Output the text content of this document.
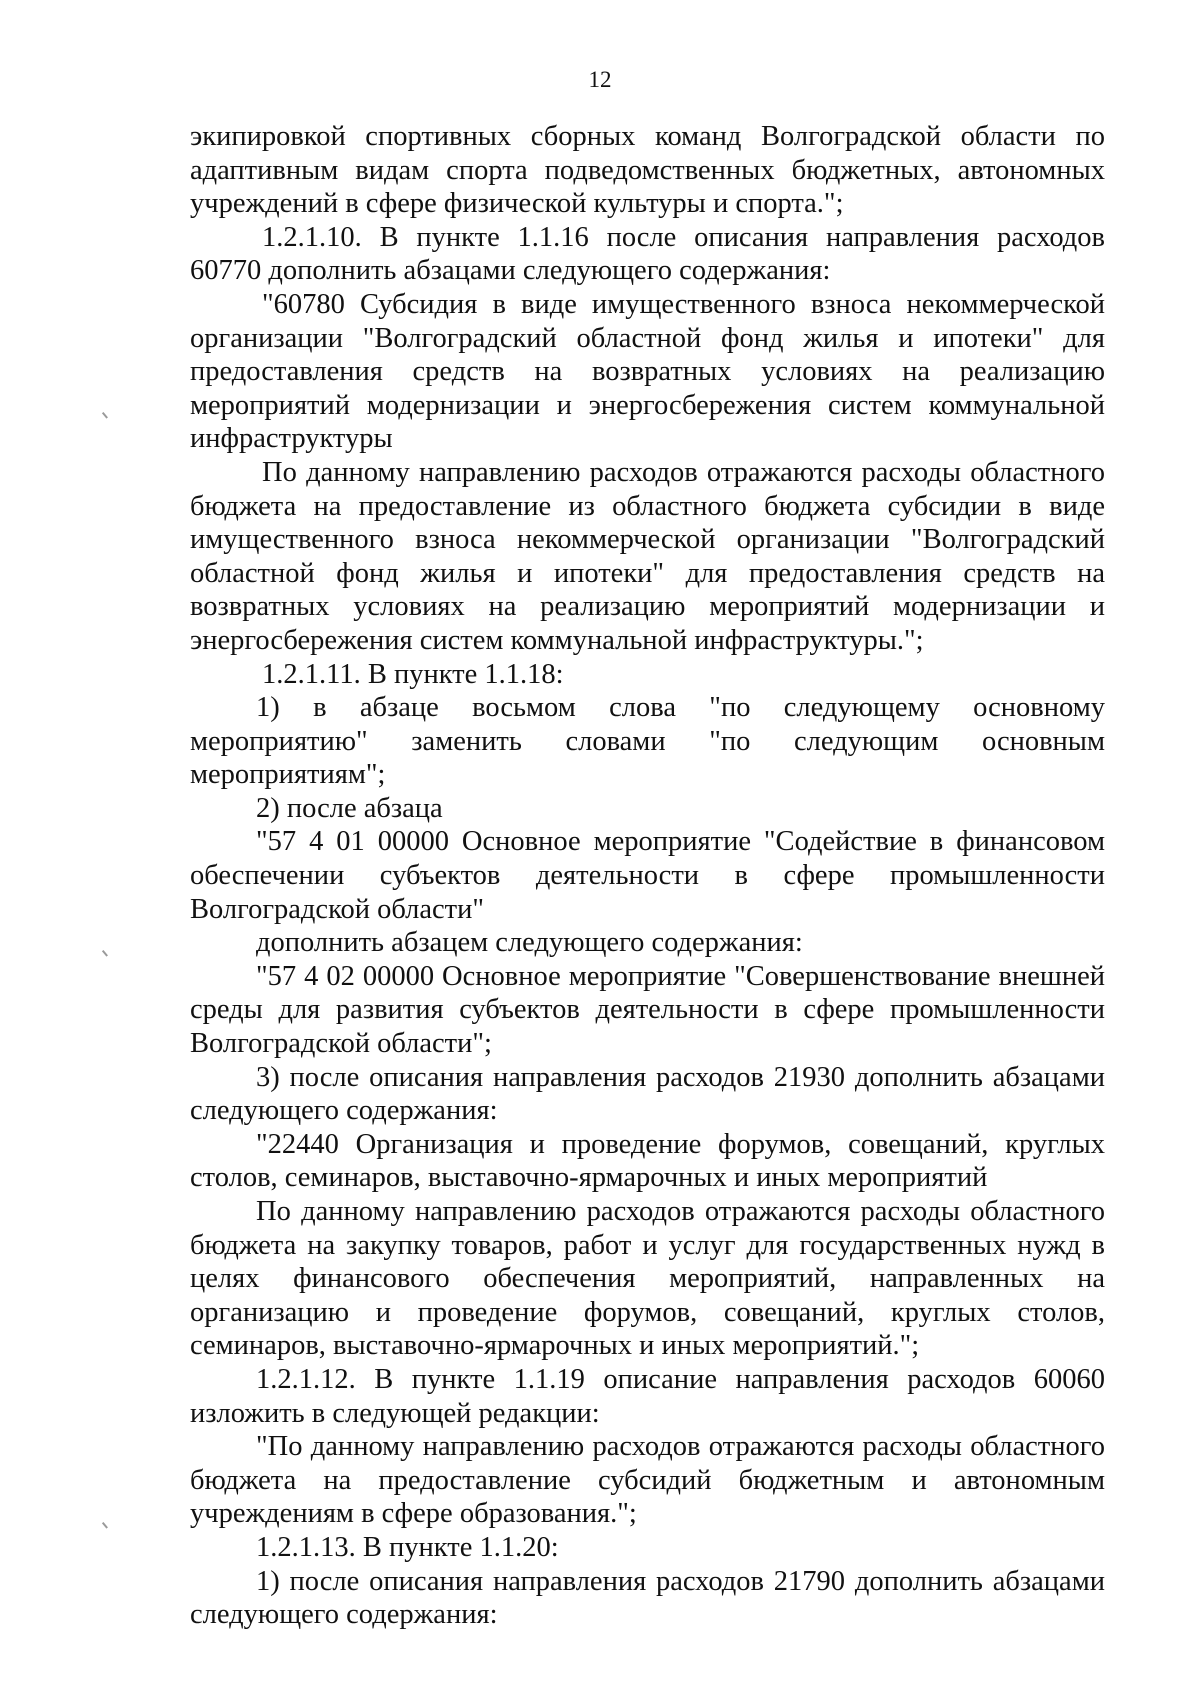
12

экипировкой спортивных сборных команд Волгоградской области по адаптивным видам спорта подведомственных бюджетных, автономных учреждений в сфере физической культуры и спорта.";

1.2.1.10. В пункте 1.1.16 после описания направления расходов 60770 дополнить абзацами следующего содержания:

"60780 Субсидия в виде имущественного взноса некоммерческой организации "Волгоградский областной фонд жилья и ипотеки" для предоставления средств на возвратных условиях на реализацию мероприятий модернизации и энергосбережения систем коммунальной инфраструктуры

По данному направлению расходов отражаются расходы областного бюджета на предоставление из областного бюджета субсидии в виде имущественного взноса некоммерческой организации "Волгоградский областной фонд жилья и ипотеки" для предоставления средств на возвратных условиях на реализацию мероприятий модернизации и энергосбережения систем коммунальной инфраструктуры.";

1.2.1.11. В пункте 1.1.18:

1) в абзаце восьмом слова "по следующему основному мероприятию" заменить словами "по следующим основным мероприятиям";

2) после абзаца

"57 4 01 00000 Основное мероприятие "Содействие в финансовом обеспечении субъектов деятельности в сфере промышленности Волгоградской области"

дополнить абзацем следующего содержания:

"57 4 02 00000 Основное мероприятие "Совершенствование внешней среды для развития субъектов деятельности в сфере промышленности Волгоградской области";

3) после описания направления расходов 21930 дополнить абзацами следующего содержания:

"22440 Организация и проведение форумов, совещаний, круглых столов, семинаров, выставочно-ярмарочных и иных мероприятий

По данному направлению расходов отражаются расходы областного бюджета на закупку товаров, работ и услуг для государственных нужд в целях финансового обеспечения мероприятий, направленных на организацию и проведение форумов, совещаний, круглых столов, семинаров, выставочно-ярмарочных и иных мероприятий.";

1.2.1.12. В пункте 1.1.19 описание направления расходов 60060 изложить в следующей редакции:

"По данному направлению расходов отражаются расходы областного бюджета на предоставление субсидий бюджетным и автономным учреждениям в сфере образования.";

1.2.1.13. В пункте 1.1.20:

1) после описания направления расходов 21790 дополнить абзацами следующего содержания:
